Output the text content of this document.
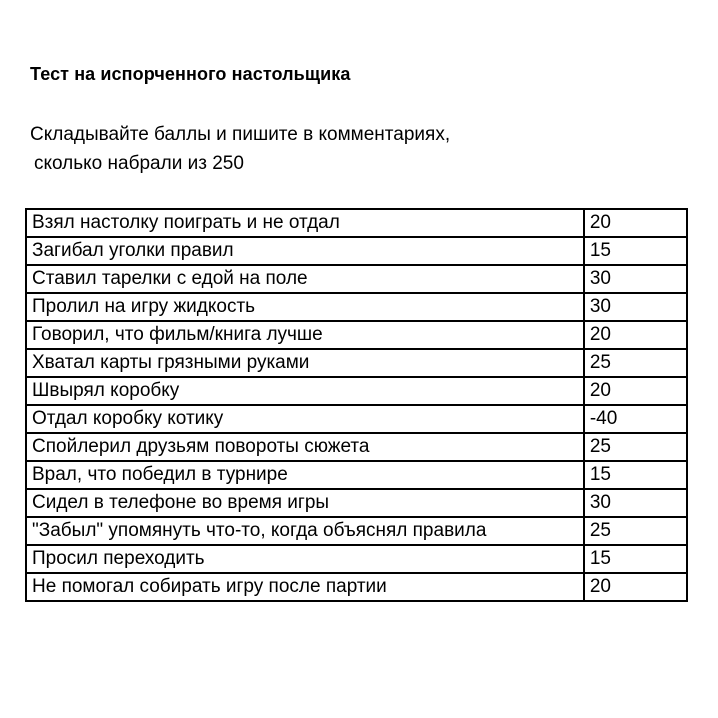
Тест на испорченного настольщика
Складывайте баллы и пишите в комментариях,
сколько набрали из 250
Взял настолку поиграть и не отдал	20
Загибал уголки правил	15
Ставил тарелки с едой на поле	30
Пролил на игру жидкость	30
Говорил, что фильм/книга лучше	20
Хватал карты грязными руками	25
Швырял коробку	20
Отдал коробку котику	-40
Спойлерил друзьям повороты сюжета	25
Врал, что победил в турнире	15
Сидел в телефоне во время игры	30
"Забыл" упомянуть что-то, когда объяснял правила	25
Просил переходить	15
Не помогал собирать игру после партии	20
